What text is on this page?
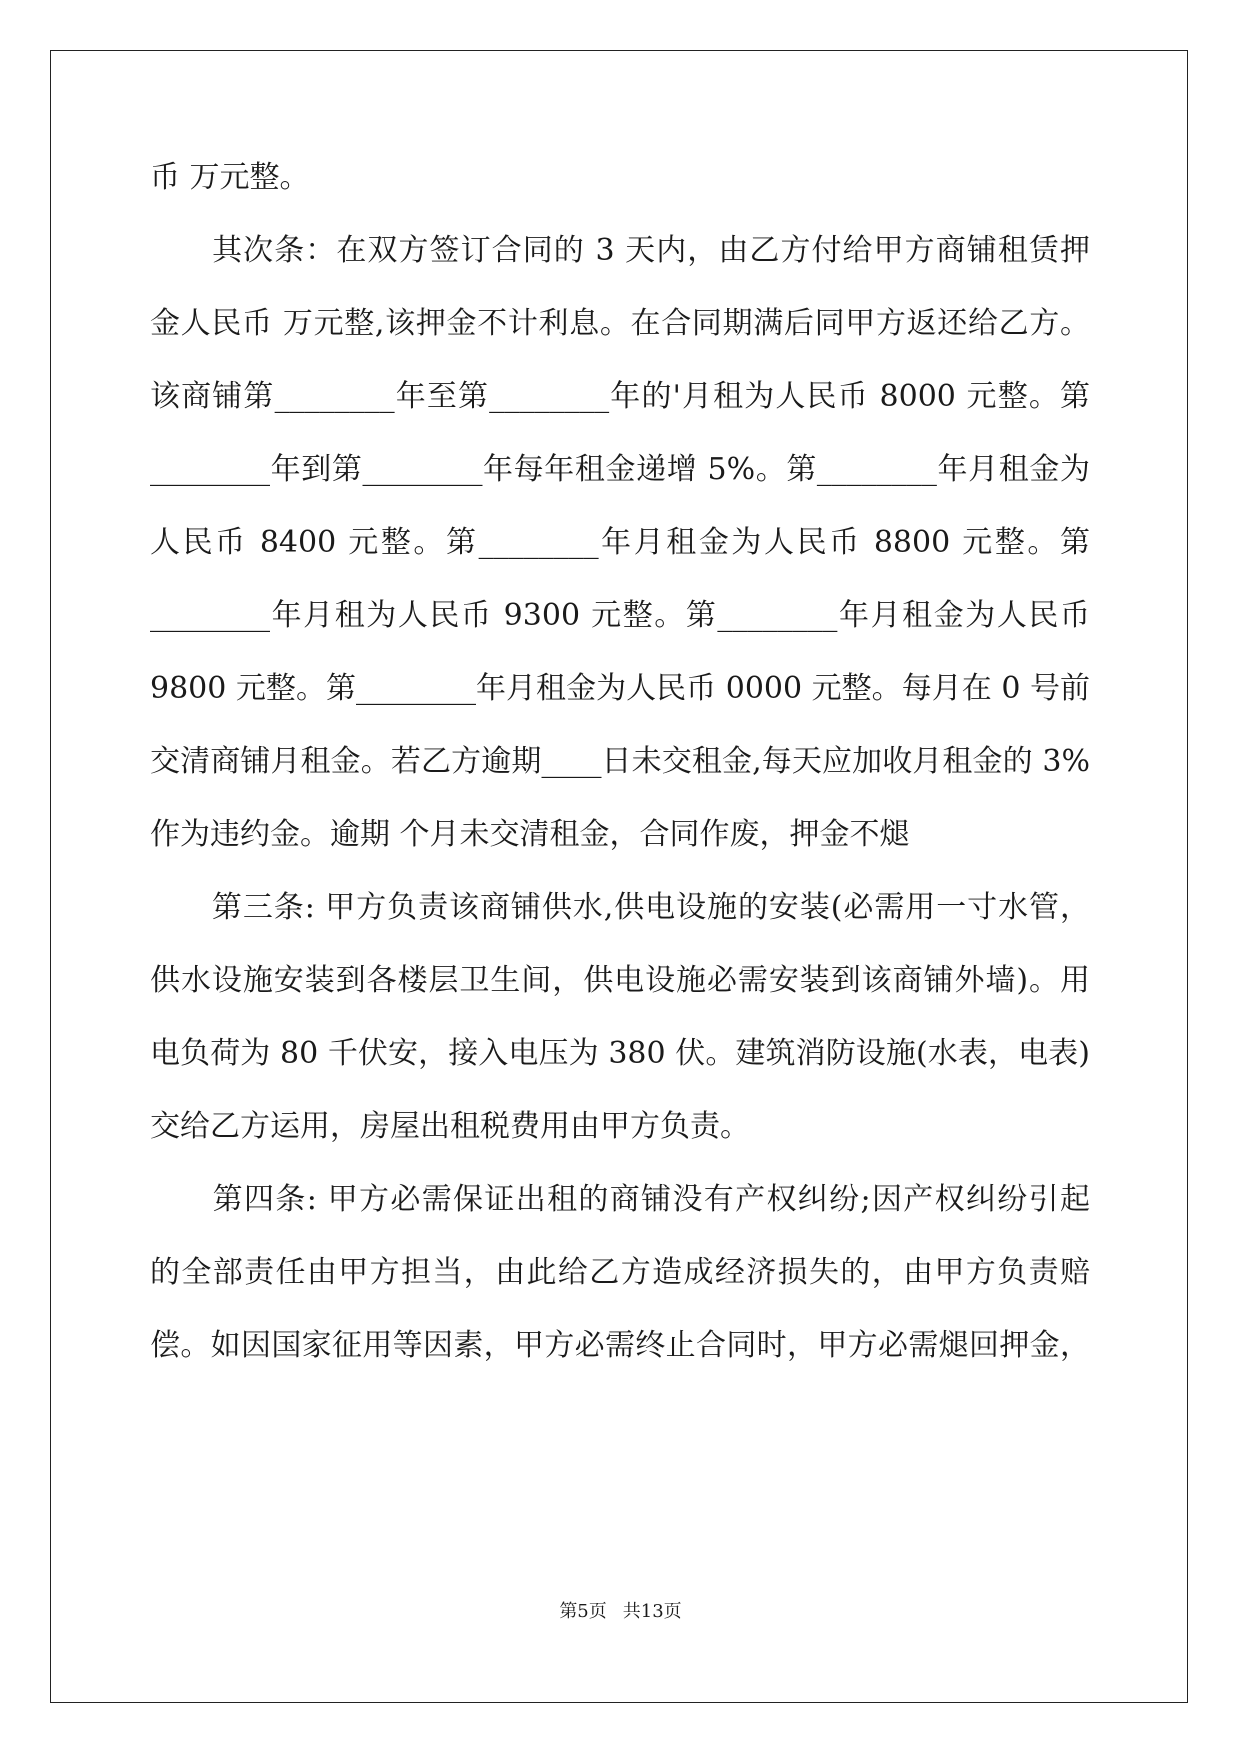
币 万元整。
　　其次条：在双方签订合同的 3 天内，由乙方付给甲方商铺租赁押
金人民币 万元整,该押金不计利息。在合同期满后同甲方返还给乙方。
该商铺第________年至第________年的'月租为人民币 8000 元整。第
________年到第________年每年租金递增 5%。第________年月租金为
人民币 8400 元整。第________年月租金为人民币 8800 元整。第
________年月租为人民币 9300 元整。第________年月租金为人民币
9800 元整。第________年月租金为人民币 0000 元整。每月在 0 号前
交清商铺月租金。若乙方逾期____日未交租金,每天应加收月租金的 3%
作为违约金。逾期 个月未交清租金，合同作废，押金不煺
　　第三条: 甲方负责该商铺供水,供电设施的安装(必需用一寸水管，
供水设施安装到各楼层卫生间，供电设施必需安装到该商铺外墙)。用
电负荷为 80 千伏安，接入电压为 380 伏。建筑消防设施(水表，电表)
交给乙方运用，房屋出租税费用由甲方负责。
　　第四条: 甲方必需保证出租的商铺没有产权纠纷;因产权纠纷引起
的全部责任由甲方担当，由此给乙方造成经济损失的，由甲方负责赔
偿。如因国家征用等因素，甲方必需终止合同时，甲方必需煺回押金，
第5页 共13页
